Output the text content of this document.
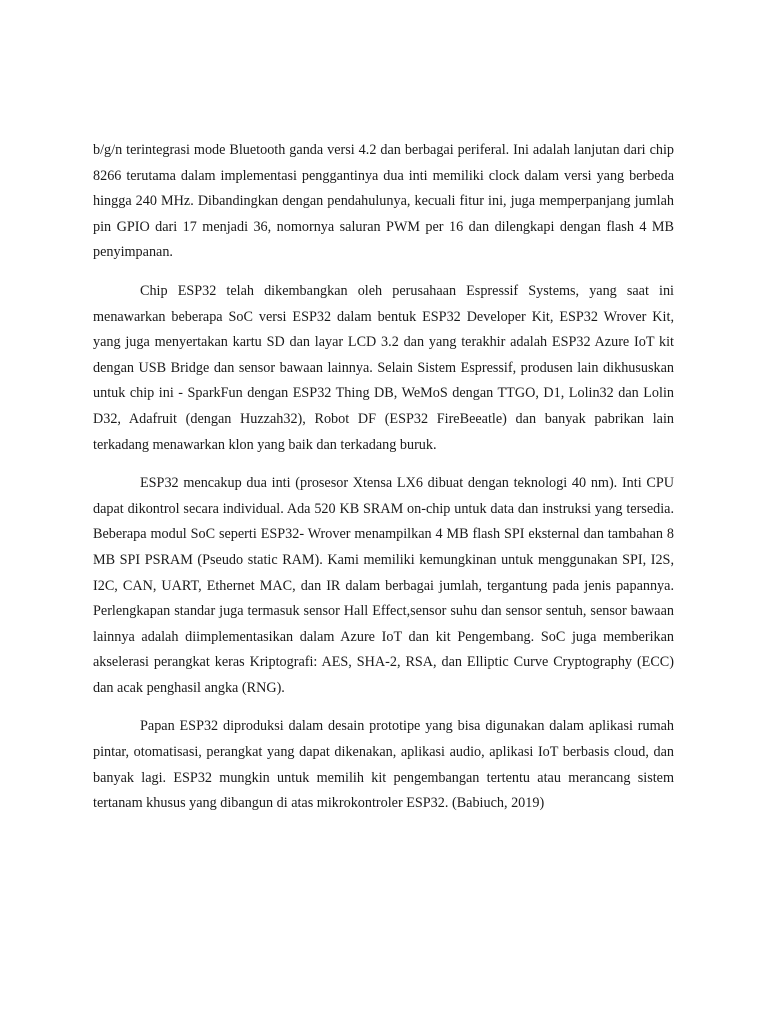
b/g/n terintegrasi mode Bluetooth ganda versi 4.2 dan berbagai periferal. Ini adalah lanjutan dari chip 8266 terutama dalam implementasi penggantinya dua inti memiliki clock dalam versi yang berbeda hingga 240 MHz. Dibandingkan dengan pendahulunya, kecuali fitur ini, juga memperpanjang jumlah pin GPIO dari 17 menjadi 36, nomornya saluran PWM per 16 dan dilengkapi dengan flash 4 MB penyimpanan.

Chip ESP32 telah dikembangkan oleh perusahaan Espressif Systems, yang saat ini menawarkan beberapa SoC versi ESP32 dalam bentuk ESP32 Developer Kit, ESP32 Wrover Kit, yang juga menyertakan kartu SD dan layar LCD 3.2 dan yang terakhir adalah ESP32 Azure IoT kit dengan USB Bridge dan sensor bawaan lainnya. Selain Sistem Espressif, produsen lain dikhususkan untuk chip ini - SparkFun dengan ESP32 Thing DB, WeMoS dengan TTGO, D1, Lolin32 dan Lolin D32, Adafruit (dengan Huzzah32), Robot DF (ESP32 FireBeeatle) dan banyak pabrikan lain terkadang menawarkan klon yang baik dan terkadang buruk.

ESP32 mencakup dua inti (prosesor Xtensa LX6 dibuat dengan teknologi 40 nm). Inti CPU dapat dikontrol secara individual. Ada 520 KB SRAM on-chip untuk data dan instruksi yang tersedia. Beberapa modul SoC seperti ESP32- Wrover menampilkan 4 MB flash SPI eksternal dan tambahan 8 MB SPI PSRAM (Pseudo static RAM). Kami memiliki kemungkinan untuk menggunakan SPI, I2S, I2C, CAN, UART, Ethernet MAC, dan IR dalam berbagai jumlah, tergantung pada jenis papannya. Perlengkapan standar juga termasuk sensor Hall Effect,sensor suhu dan sensor sentuh, sensor bawaan lainnya adalah diimplementasikan dalam Azure IoT dan kit Pengembang. SoC juga memberikan akselerasi perangkat keras Kriptografi: AES, SHA-2, RSA, dan Elliptic Curve Cryptography (ECC) dan acak penghasil angka (RNG).

Papan ESP32 diproduksi dalam desain prototipe yang bisa digunakan dalam aplikasi rumah pintar, otomatisasi, perangkat yang dapat dikenakan, aplikasi audio, aplikasi IoT berbasis cloud, dan banyak lagi. ESP32 mungkin untuk memilih kit pengembangan tertentu atau merancang sistem tertanam khusus yang dibangun di atas mikrokontroler ESP32. (Babiuch, 2019)
